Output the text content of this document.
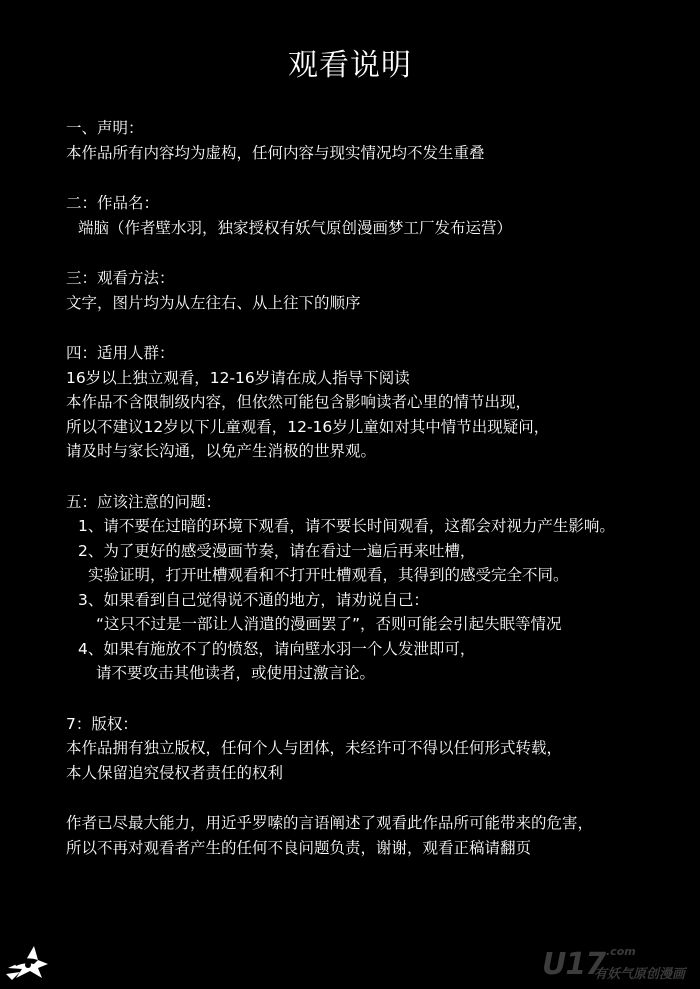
观看说明
一、声明：
本作品所有内容均为虚构，任何内容与现实情况均不发生重叠
二：作品名：
端脑（作者壁水羽，独家授权有妖气原创漫画梦工厂发布运营）
三：观看方法：
文字，图片均为从左往右、从上往下的顺序
四：适用人群：
16岁以上独立观看，12-16岁请在成人指导下阅读
本作品不含限制级内容，但依然可能包含影响读者心里的情节出现，
所以不建议12岁以下儿童观看，12-16岁儿童如对其中情节出现疑问，
请及时与家长沟通，以免产生消极的世界观。
五：应该注意的问题：
1、请不要在过暗的环境下观看，请不要长时间观看，这都会对视力产生影响。
2、为了更好的感受漫画节奏，请在看过一遍后再来吐槽，
实验证明，打开吐槽观看和不打开吐槽观看，其得到的感受完全不同。
3、如果看到自己觉得说不通的地方，请劝说自己：
“这只不过是一部让人消遣的漫画罢了”，否则可能会引起失眠等情况
4、如果有施放不了的愤怒，请向壁水羽一个人发泄即可，
请不要攻击其他读者，或使用过激言论。
7：版权：
本作品拥有独立版权，任何个人与团体，未经许可不得以任何形式转载，
本人保留追究侵权者责任的权利
作者已尽最大能力，用近乎罗嗦的言语阐述了观看此作品所可能带来的危害，
所以不再对观看者产生的任何不良问题负责，谢谢，观看正稿请翻页
U17 .com
有妖气原创漫画
